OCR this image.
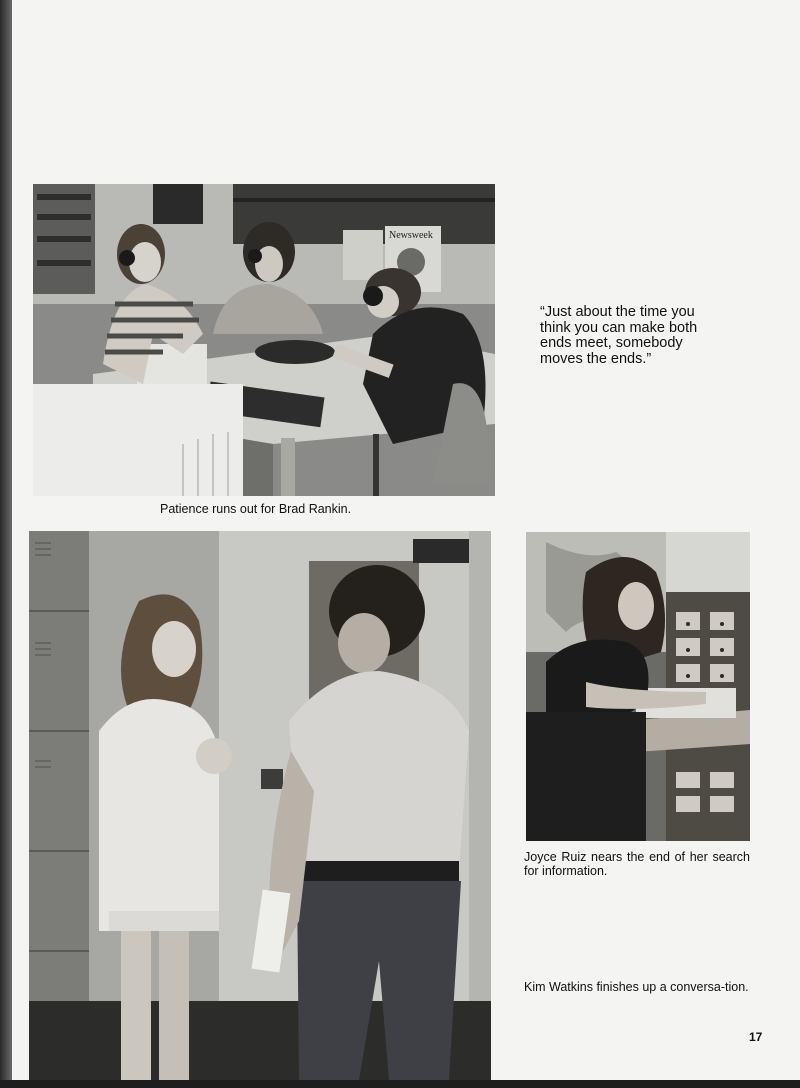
Newsweek
Patience runs out for Brad Rankin.
“Just about the time you think you can make both ends meet, somebody moves the ends.”
Joyce Ruiz nears the end of her search for information.
Kim Watkins finishes up a conversa-tion.
17
